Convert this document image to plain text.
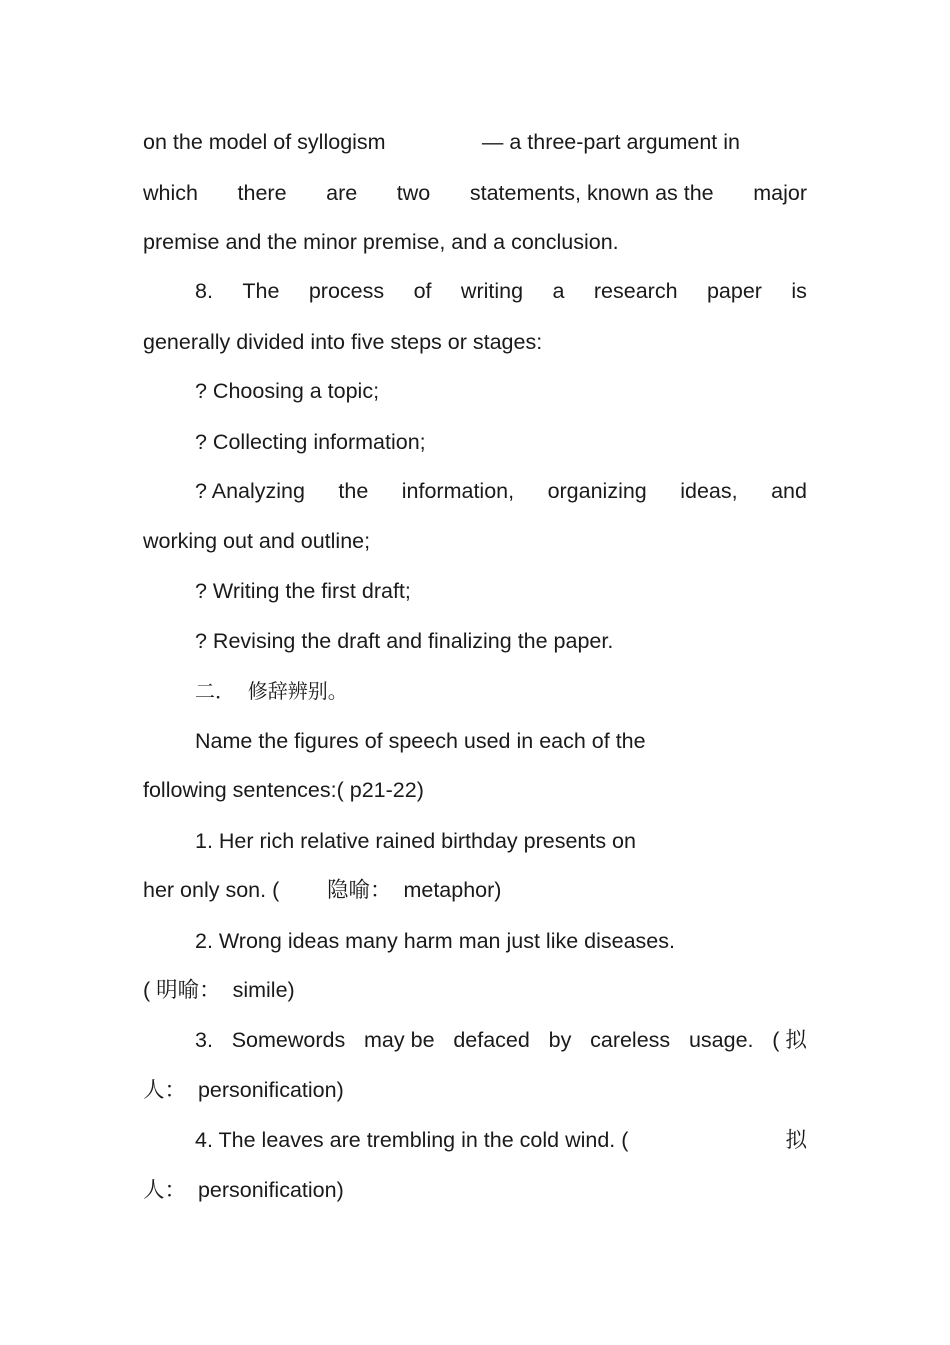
on the model of syllogism	— a three-part argument in
which there are two statements, known as the major
premise and the minor premise, and a conclusion.
8. The process of writing a research paper is
generally divided into five steps or stages:
? Choosing a topic;
? Collecting information;
? Analyzing the information, organizing ideas, and
working out and outline;
? Writing the first draft;
? Revising the draft and finalizing the paper.
二．  修辞辨别。
Name the figures of speech used in each of the
following sentences:( p21-22)
1. Her rich relative rained birthday presents on
her only son. (        隐喻：  metaphor)
2. Wrong ideas many harm man just like diseases.
( 明喻：  simile)
3. Somewords may be defaced by careless usage. ( 拟
人：  personification)
4. The leaves are trembling in the cold wind. (	拟
人：  personification)
